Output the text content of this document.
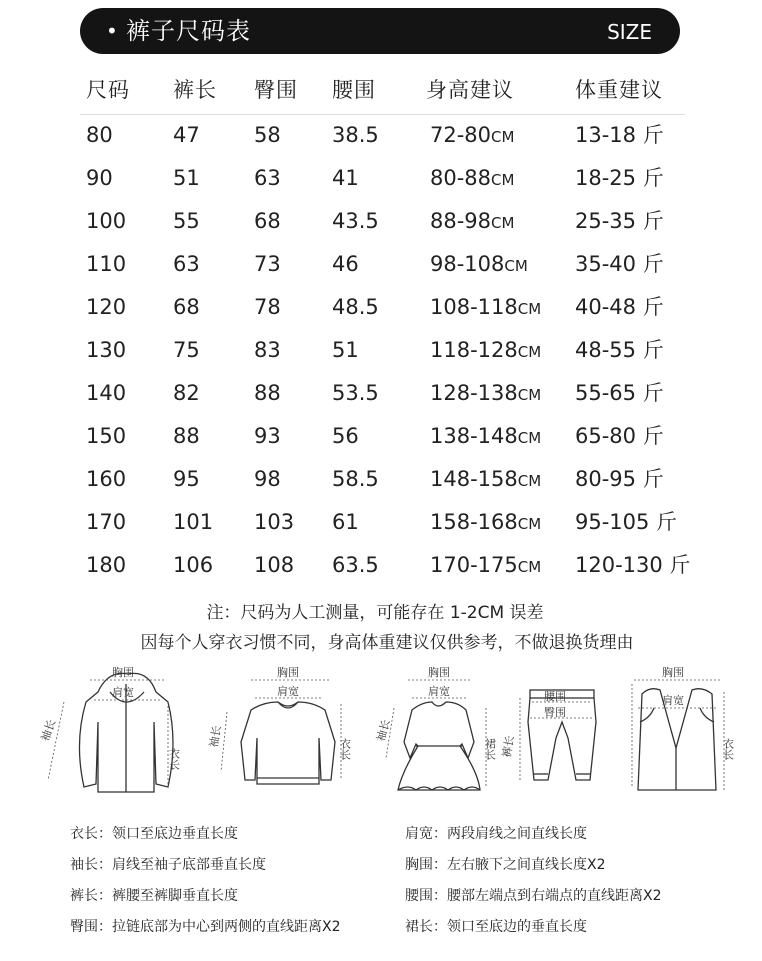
• 裤子尺码表	SIZE
尺码 裤长 臀围 腰围 身高建议	体重建议
80	47	58 38.5 72-80CM	13-18 斤
90	51	63 41	80-88CM	18-25 斤
100 55	68 43.5 88-98CM	25-35 斤
110 63	73 46	98-108CM 35-40 斤
120 68	78 48.5 108-118CM 40-48 斤
130 75	83 51	118-128CM 48-55 斤
140 82	88 53.5 128-138CM 55-65 斤
150 88	93 56	138-148CM 65-80 斤
160 95	98 58.5 148-158CM 80-95 斤
170 101 103 61	158-168CM 95-105 斤
180 106 108 63.5 170-175CM 120-130 斤
注：尺码为人工测量，可能存在 1-2CM 误差
因每个人穿衣习惯不同，身高体重建议仅供参考，不做退换货理由
胸围
肩宽
衣长
袖长
胸围
肩宽
衣长
袖长
胸围
肩宽
裙长
袖长
腰围
臀围
裤长
胸围
肩宽
衣长
衣长：领口至底边垂直长度	肩宽：两段肩线之间直线长度
袖长：肩线至袖子底部垂直长度	胸围：左右腋下之间直线长度X2
裤长：裤腰至裤脚垂直长度	腰围：腰部左端点到右端点的直线距离X2
臀围：拉链底部为中心到两侧的直线距离X2	裙长：领口至底边的垂直长度
